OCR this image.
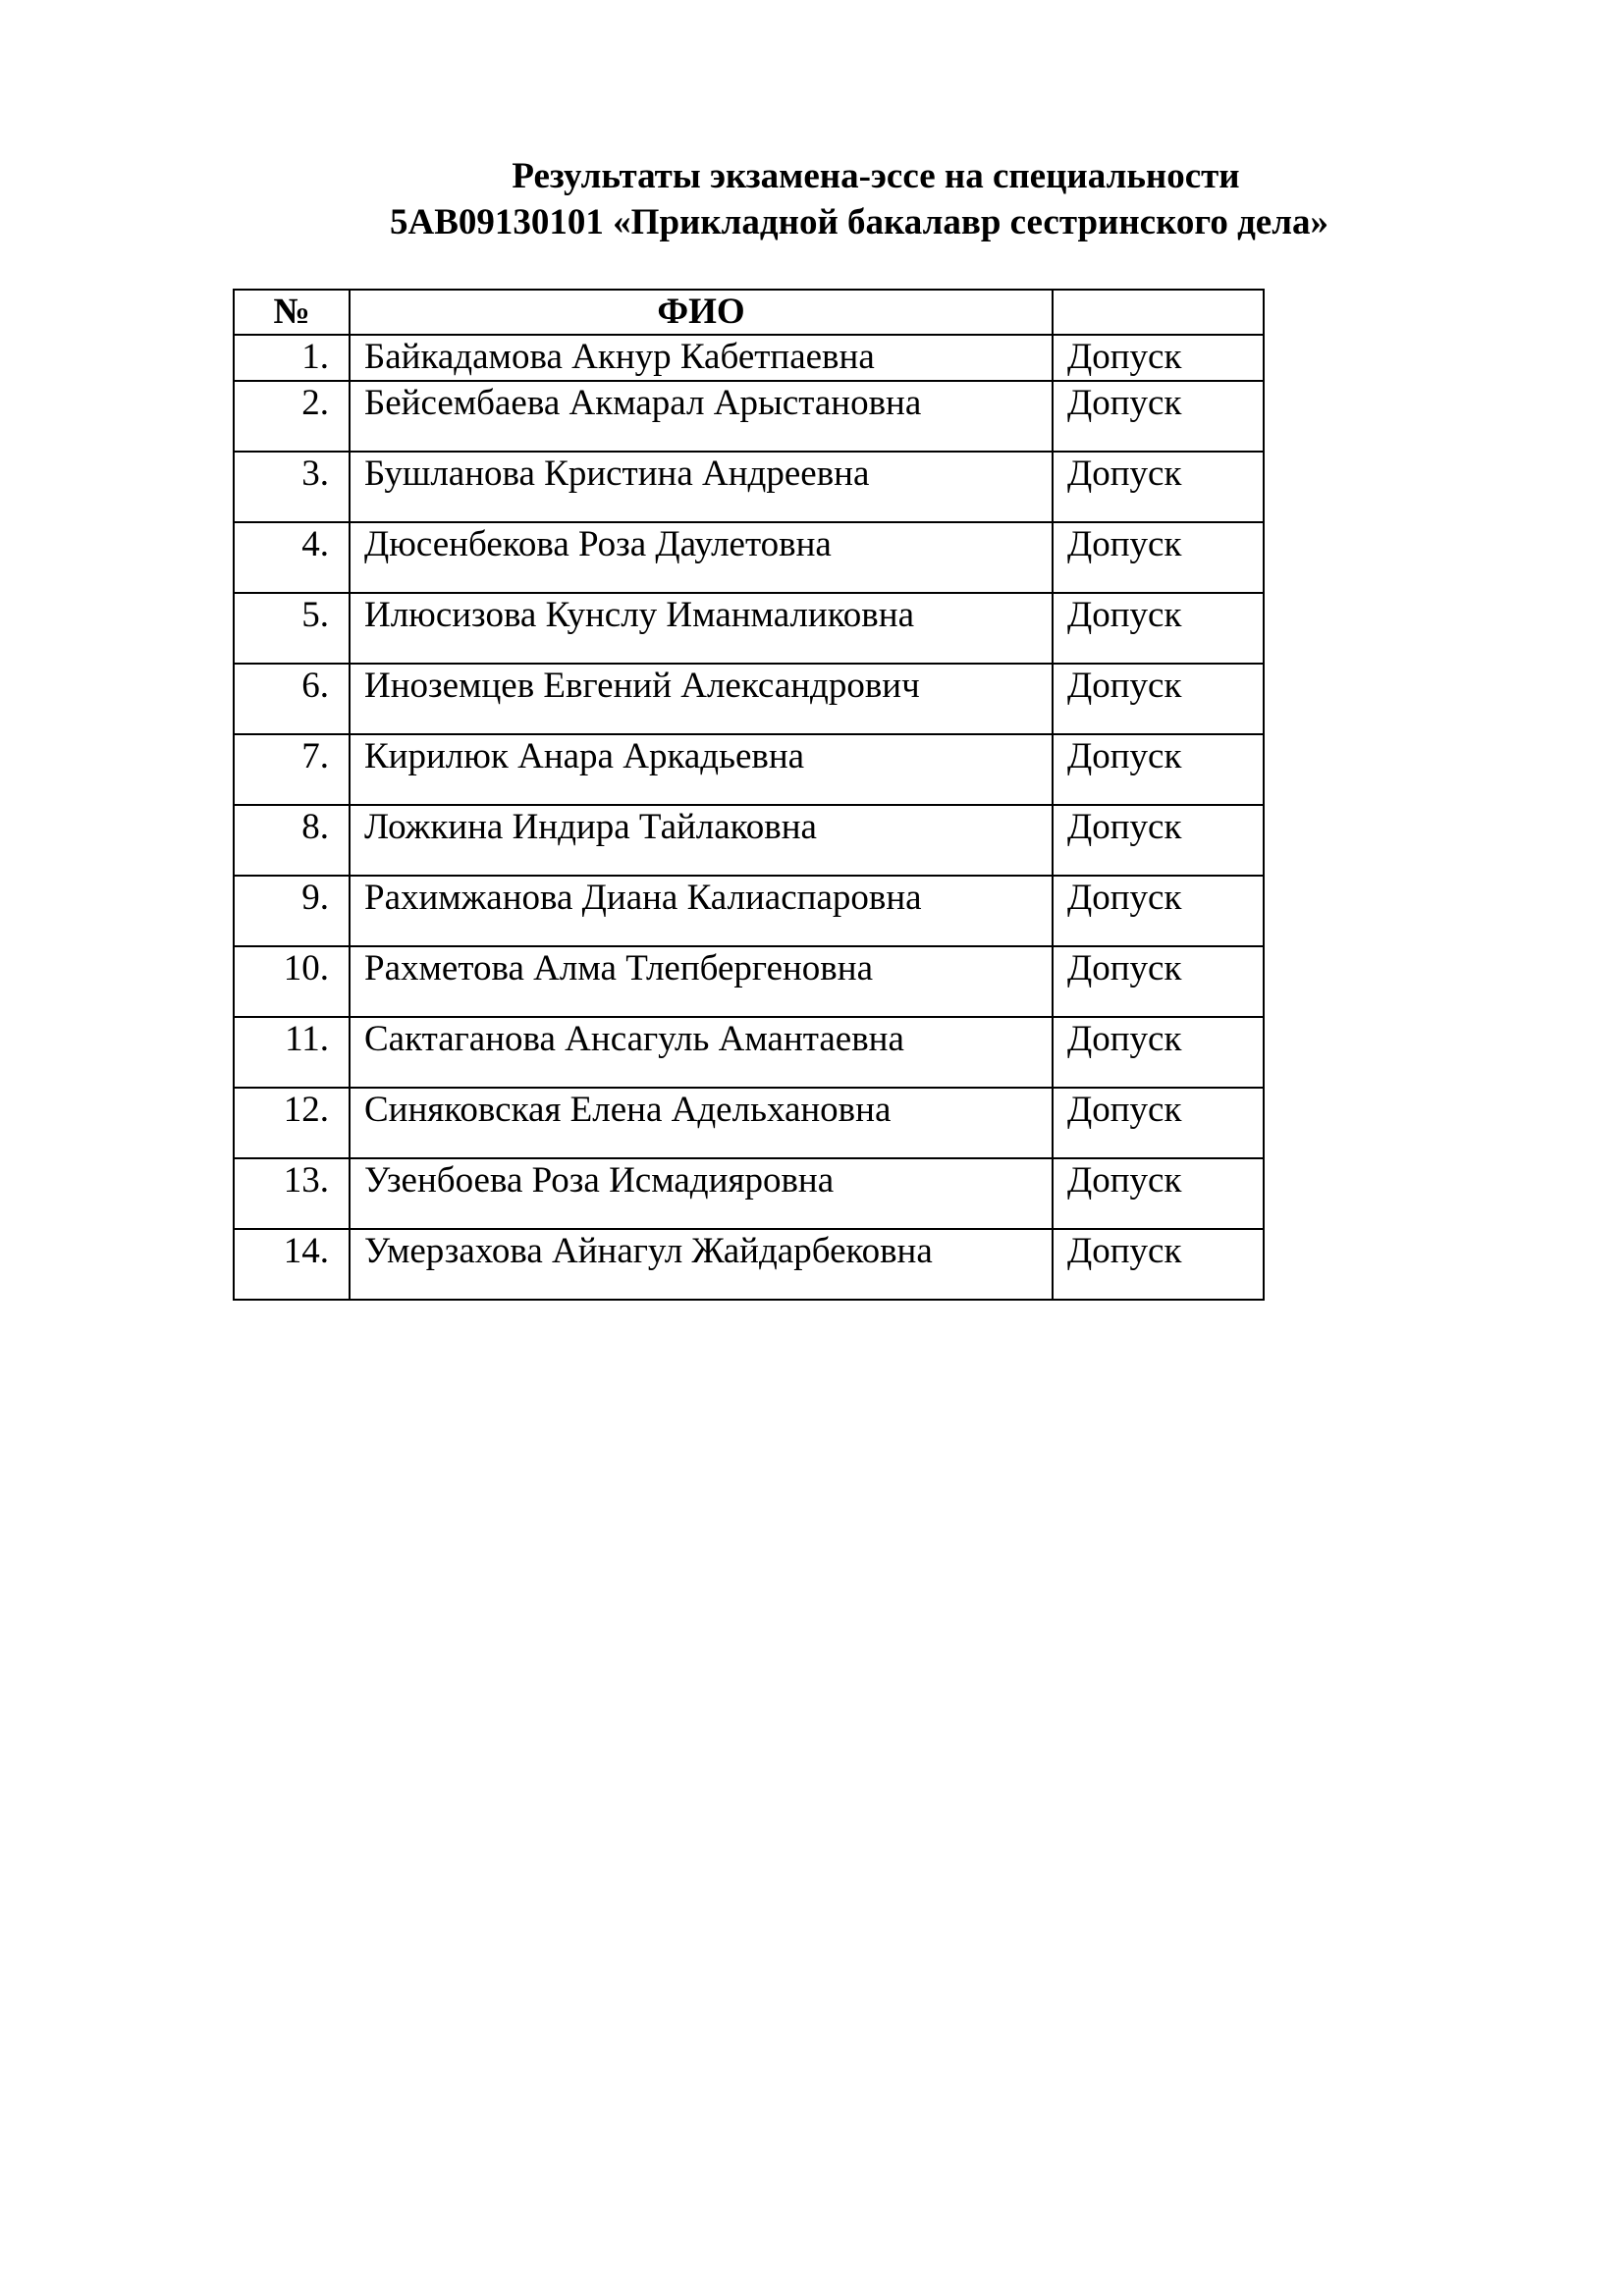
Результаты экзамена-эссе на специальности
5AB09130101 «Прикладной бакалавр сестринского дела»
№	ФИО	
1.	Байкадамова Акнур Кабетпаевна	Допуск
2.	Бейсембаева Акмарал Арыстановна	Допуск
3.	Бушланова Кристина Андреевна	Допуск
4.	Дюсенбекова Роза Даулетовна	Допуск
5.	Илюсизова Кунслу Иманмаликовна	Допуск
6.	Иноземцев Евгений Александрович	Допуск
7.	Кирилюк Анара Аркадьевна	Допуск
8.	Ложкина Индира Тайлаковна	Допуск
9.	Рахимжанова Диана Калиаспаровна	Допуск
10.	Рахметова Алма Тлепбергеновна	Допуск
11.	Сактаганова Ансагуль Амантаевна	Допуск
12.	Синяковская Елена Адельхановна	Допуск
13.	Узенбоева Роза Исмадияровна	Допуск
14.	Умерзахова Айнагул Жайдарбековна	Допуск
